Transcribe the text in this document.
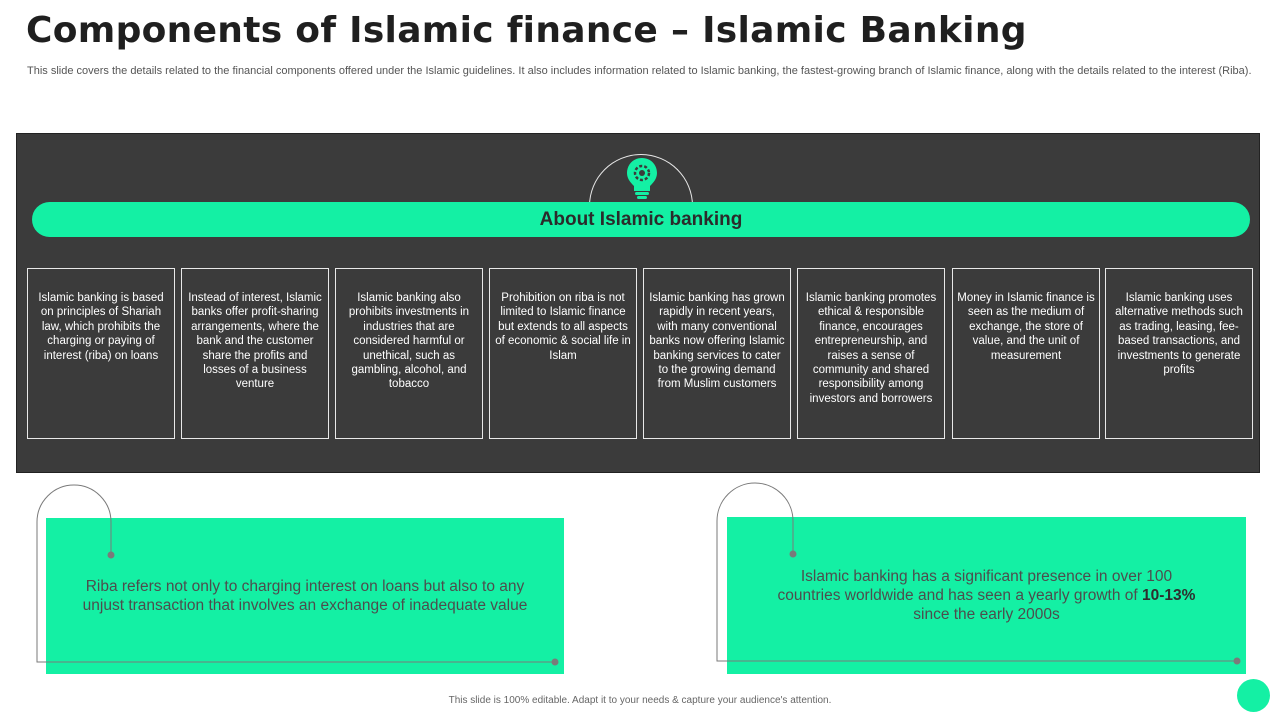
Components of Islamic finance – Islamic Banking
This slide covers the details related to the financial components offered under the Islamic guidelines. It also includes information related to Islamic banking, the fastest-growing branch of Islamic finance, along with the details related to the interest (Riba).
About Islamic banking
Islamic banking is based on principles of Shariah law, which prohibits the charging or paying of interest (riba) on loans
Instead of interest, Islamic banks offer profit-sharing arrangements, where the bank and the customer share the profits and losses of a business venture
Islamic banking also prohibits investments in industries that are considered harmful or unethical, such as gambling, alcohol, and tobacco
Prohibition on riba is not limited to Islamic finance but extends to all aspects of economic & social life in Islam
Islamic banking has grown rapidly in recent years, with many conventional banks now offering Islamic banking services to cater to the growing demand from Muslim customers
Islamic banking promotes ethical & responsible finance, encourages entrepreneurship, and raises a sense of community and shared responsibility among investors and borrowers
Money in Islamic finance is seen as the medium of exchange, the store of value, and the unit of measurement
Islamic banking uses alternative methods such as trading, leasing, fee-based transactions, and investments to generate profits
Riba refers not only to charging interest on loans but also to any unjust transaction that involves an exchange of inadequate value
Islamic banking has a significant presence in over 100 countries worldwide and has seen a yearly growth of 10-13% since the early 2000s
This slide is 100% editable. Adapt it to your needs & capture your audience's attention.
